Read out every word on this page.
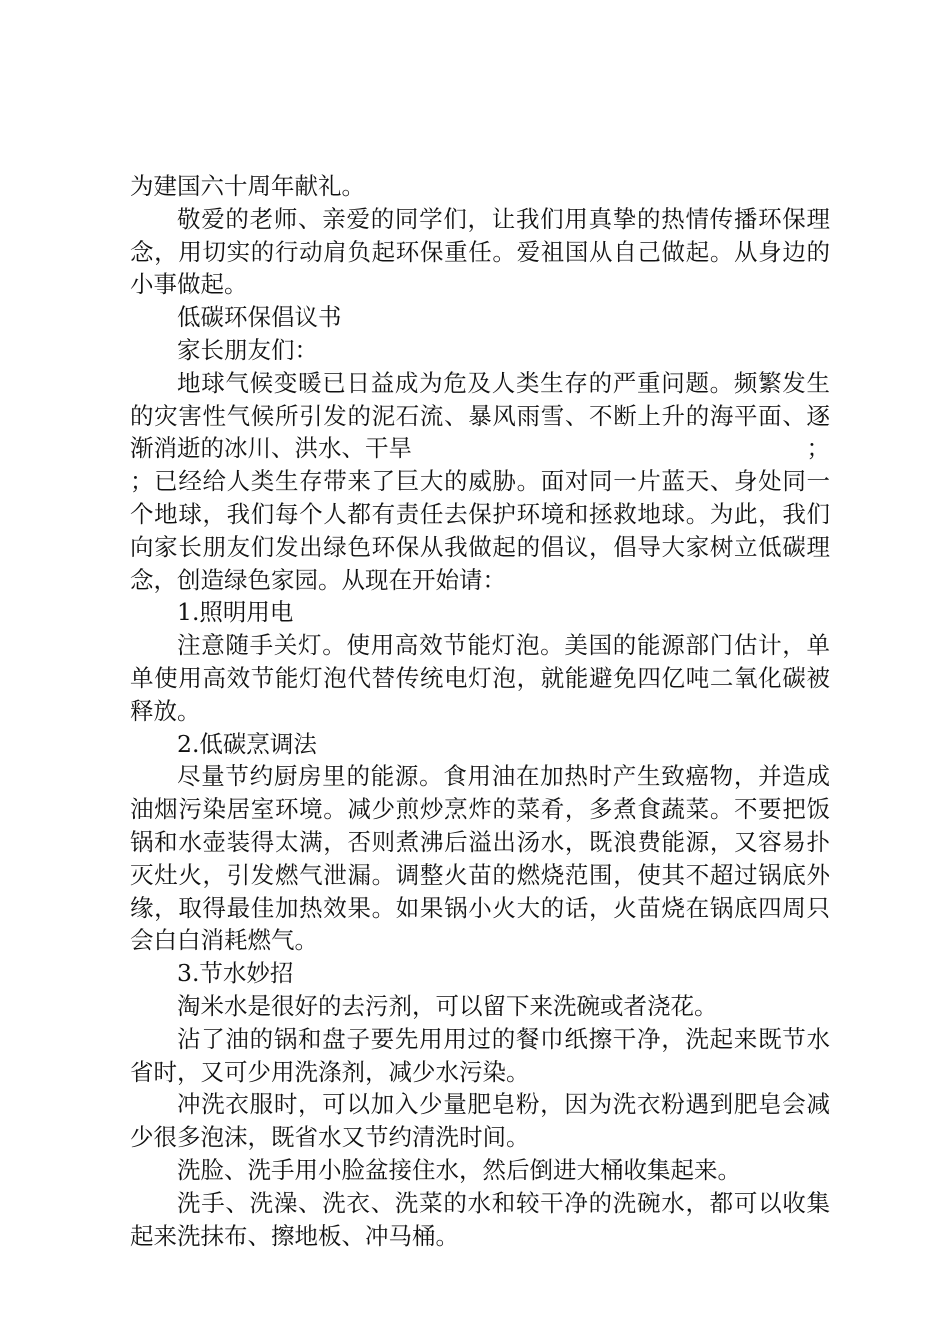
为建国六十周年献礼。

敬爱的老师、亲爱的同学们，让我们用真挚的热情传播环保理念，用切实的行动肩负起环保重任。爱祖国从自己做起。从身边的小事做起。

低碳环保倡议书

家长朋友们：

地球气候变暖已日益成为危及人类生存的严重问题。频繁发生的灾害性气候所引发的泥石流、暴风雨雪、不断上升的海平面、逐渐消逝的冰川、洪水、干旱	；

；已经给人类生存带来了巨大的威胁。面对同一片蓝天、身处同一个地球，我们每个人都有责任去保护环境和拯救地球。为此，我们向家长朋友们发出绿色环保从我做起的倡议，倡导大家树立低碳理念，创造绿色家园。从现在开始请：

1.照明用电

注意随手关灯。使用高效节能灯泡。美国的能源部门估计，单单使用高效节能灯泡代替传统电灯泡，就能避免四亿吨二氧化碳被释放。

2.低碳烹调法

尽量节约厨房里的能源。食用油在加热时产生致癌物，并造成油烟污染居室环境。减少煎炒烹炸的菜肴，多煮食蔬菜。不要把饭锅和水壶装得太满，否则煮沸后溢出汤水，既浪费能源，又容易扑灭灶火，引发燃气泄漏。调整火苗的燃烧范围，使其不超过锅底外缘，取得最佳加热效果。如果锅小火大的话，火苗烧在锅底四周只会白白消耗燃气。

3.节水妙招

淘米水是很好的去污剂，可以留下来洗碗或者浇花。

沾了油的锅和盘子要先用用过的餐巾纸擦干净，洗起来既节水省时，又可少用洗涤剂，减少水污染。

冲洗衣服时，可以加入少量肥皂粉，因为洗衣粉遇到肥皂会减少很多泡沫，既省水又节约清洗时间。

洗脸、洗手用小脸盆接住水，然后倒进大桶收集起来。

洗手、洗澡、洗衣、洗菜的水和较干净的洗碗水，都可以收集起来洗抹布、擦地板、冲马桶。
